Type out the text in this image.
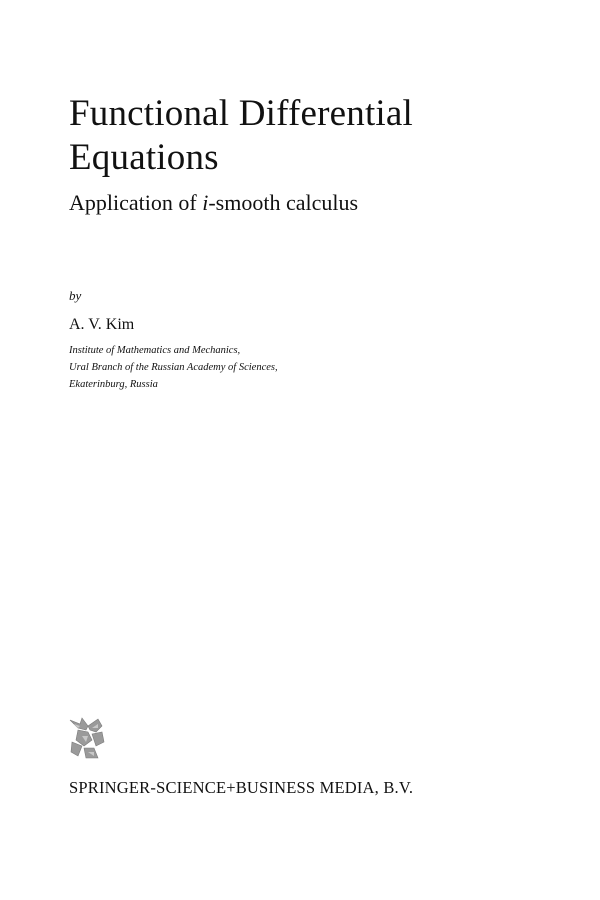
Functional Differential
Equations
Application of i-smooth calculus
by
A. V. Kim
Institute of Mathematics and Mechanics,
Ural Branch of the Russian Academy of Sciences,
Ekaterinburg, Russia
SPRINGER-SCIENCE+BUSINESS MEDIA, B.V.
